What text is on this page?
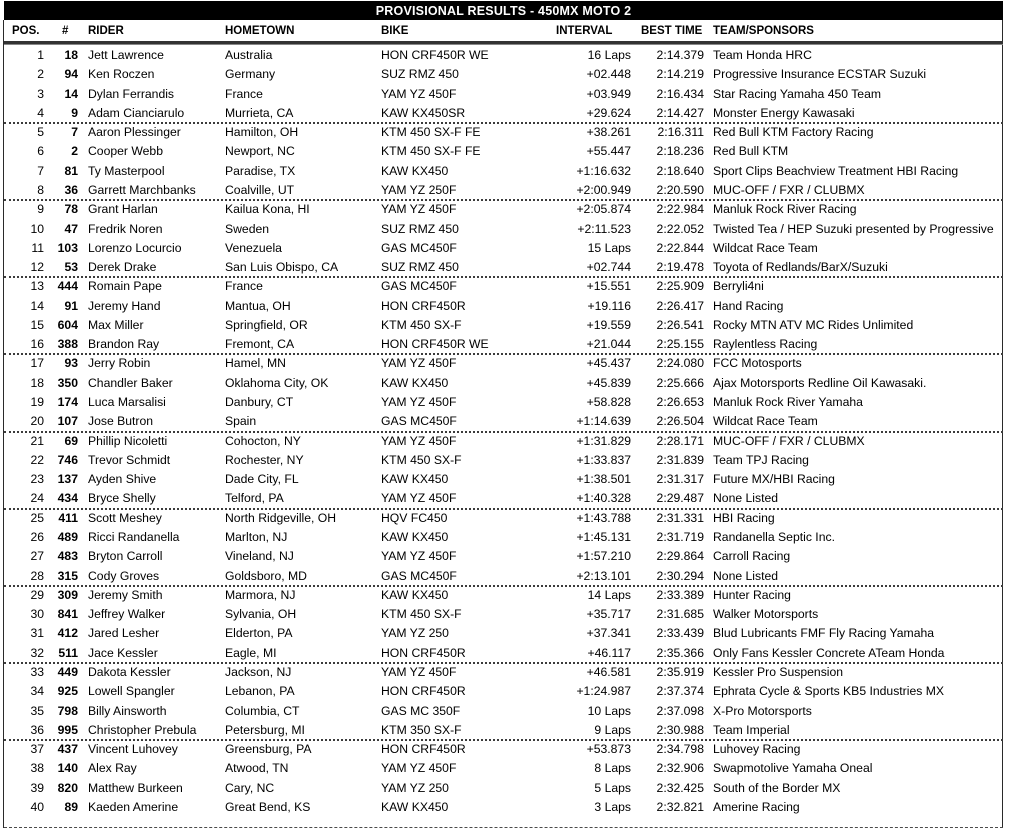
PROVISIONAL RESULTS - 450MX MOTO 2
POS.	# RIDER	HOMETOWN	BIKE	INTERVAL BEST TIME TEAM/SPONSORS
1	18 Jett Lawrence	Australia	HON CRF450R WE	16 Laps	2:14.379 Team Honda HRC
2	94 Ken Roczen	Germany	SUZ RMZ 450	+02.448	2:14.219 Progressive Insurance ECSTAR Suzuki
3	14 Dylan Ferrandis	France	YAM YZ 450F	+03.949	2:16.434 Star Racing Yamaha 450 Team
4	9 Adam Cianciarulo	Murrieta, CA	KAW KX450SR	+29.624	2:14.427 Monster Energy Kawasaki
5	7 Aaron Plessinger	Hamilton, OH	KTM 450 SX-F FE	+38.261	2:16.311 Red Bull KTM Factory Racing
6	2 Cooper Webb	Newport, NC	KTM 450 SX-F FE	+55.447	2:18.236 Red Bull KTM
7	81 Ty Masterpool	Paradise, TX	KAW KX450	+1:16.632	2:18.640 Sport Clips Beachview Treatment HBI Racing
8	36 Garrett Marchbanks	Coalville, UT	YAM YZ 250F	+2:00.949	2:20.590 MUC-OFF / FXR / CLUBMX
9	78 Grant Harlan	Kailua Kona, HI	YAM YZ 450F	+2:05.874	2:22.984 Manluk Rock River Racing
10	47 Fredrik Noren	Sweden	SUZ RMZ 450	+2:11.523	2:22.052 Twisted Tea / HEP Suzuki presented by Progressive
11	103 Lorenzo Locurcio	Venezuela	GAS MC450F	15 Laps	2:22.844 Wildcat Race Team
12	53 Derek Drake	San Luis Obispo, CA	SUZ RMZ 450	+02.744	2:19.478 Toyota of Redlands/BarX/Suzuki
13	444 Romain Pape	France	GAS MC450F	+15.551	2:25.909 Berryli4ni
14	91 Jeremy Hand	Mantua, OH	HON CRF450R	+19.116	2:26.417 Hand Racing
15	604 Max Miller	Springfield, OR	KTM 450 SX-F	+19.559	2:26.541 Rocky MTN ATV MC Rides Unlimited
16	388 Brandon Ray	Fremont, CA	HON CRF450R WE	+21.044	2:25.155 Raylentless Racing
17	93 Jerry Robin	Hamel, MN	YAM YZ 450F	+45.437	2:24.080 FCC Motosports
18	350 Chandler Baker	Oklahoma City, OK	KAW KX450	+45.839	2:25.666 Ajax Motorsports Redline Oil Kawasaki.
19	174 Luca Marsalisi	Danbury, CT	YAM YZ 450F	+58.828	2:26.653 Manluk Rock River Yamaha
20	107 Jose Butron	Spain	GAS MC450F	+1:14.639	2:26.504 Wildcat Race Team
21	69 Phillip Nicoletti	Cohocton, NY	YAM YZ 450F	+1:31.829	2:28.171 MUC-OFF / FXR / CLUBMX
22	746 Trevor Schmidt	Rochester, NY	KTM 450 SX-F	+1:33.837	2:31.839 Team TPJ Racing
23	137 Ayden Shive	Dade City, FL	KAW KX450	+1:38.501	2:31.317 Future MX/HBI Racing
24	434 Bryce Shelly	Telford, PA	YAM YZ 450F	+1:40.328	2:29.487 None Listed
25	411 Scott Meshey	North Ridgeville, OH	HQV FC450	+1:43.788	2:31.331 HBI Racing
26	489 Ricci Randanella	Marlton, NJ	KAW KX450	+1:45.131	2:31.719 Randanella Septic Inc.
27	483 Bryton Carroll	Vineland, NJ	YAM YZ 450F	+1:57.210	2:29.864 Carroll Racing
28	315 Cody Groves	Goldsboro, MD	GAS MC450F	+2:13.101	2:30.294 None Listed
29	309 Jeremy Smith	Marmora, NJ	KAW KX450	14 Laps	2:33.389 Hunter Racing
30	841 Jeffrey Walker	Sylvania, OH	KTM 450 SX-F	+35.717	2:31.685 Walker Motorsports
31	412 Jared Lesher	Elderton, PA	YAM YZ 250	+37.341	2:33.439 Blud Lubricants FMF Fly Racing Yamaha
32	511 Jace Kessler	Eagle, MI	HON CRF450R	+46.117	2:35.366 Only Fans Kessler Concrete ATeam Honda
33	449 Dakota Kessler	Jackson, NJ	YAM YZ 450F	+46.581	2:35.919 Kessler Pro Suspension
34	925 Lowell Spangler	Lebanon, PA	HON CRF450R	+1:24.987	2:37.374 Ephrata Cycle & Sports KB5 Industries MX
35	798 Billy Ainsworth	Columbia, CT	GAS MC 350F	10 Laps	2:37.098 X-Pro Motorsports
36	995 Christopher Prebula	Petersburg, MI	KTM 350 SX-F	9 Laps	2:30.988 Team Imperial
37	437 Vincent Luhovey	Greensburg, PA	HON CRF450R	+53.873	2:34.798 Luhovey Racing
38	140 Alex Ray	Atwood, TN	YAM YZ 450F	8 Laps	2:32.906 Swapmotolive Yamaha Oneal
39	820 Matthew Burkeen	Cary, NC	YAM YZ 250	5 Laps	2:32.425 South of the Border MX
40	89 Kaeden Amerine	Great Bend, KS	KAW KX450	3 Laps	2:32.821 Amerine Racing
